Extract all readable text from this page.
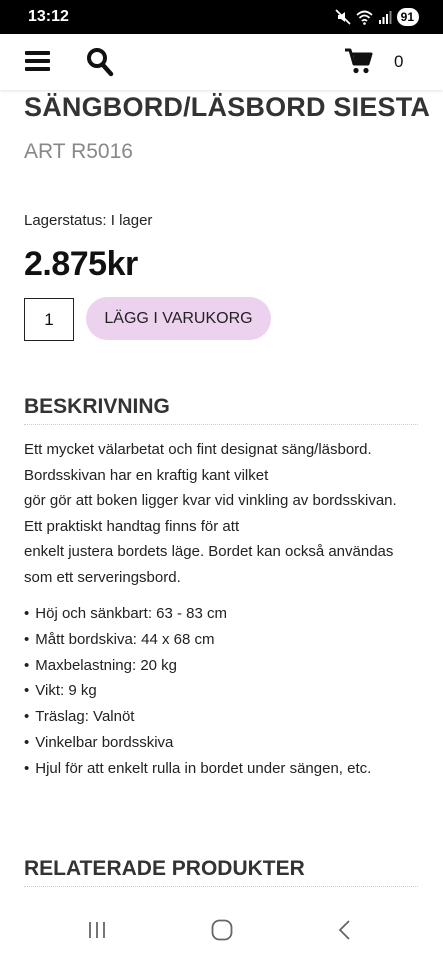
13:12	91
0
SÄNGBORD/LÄSBORD SIESTA
ART R5016
Lagerstatus: I lager
2.875kr
1
LÄGG I VARUKORG
BESKRIVNING
Ett mycket välarbetat och fint designat säng/läsbord.
Bordsskivan har en kraftig kant vilket
gör gör att boken ligger kvar vid vinkling av bordsskivan.
Ett praktiskt handtag finns för att
enkelt justera bordets läge. Bordet kan också användas
som ett serveringsbord.
• Höj och sänkbart: 63 - 83 cm
• Mått bordskiva: 44 x 68 cm
• Maxbelastning: 20 kg
• Vikt: 9 kg
• Träslag: Valnöt
• Vinkelbar bordsskiva
• Hjul för att enkelt rulla in bordet under sängen, etc.
RELATERADE PRODUKTER
